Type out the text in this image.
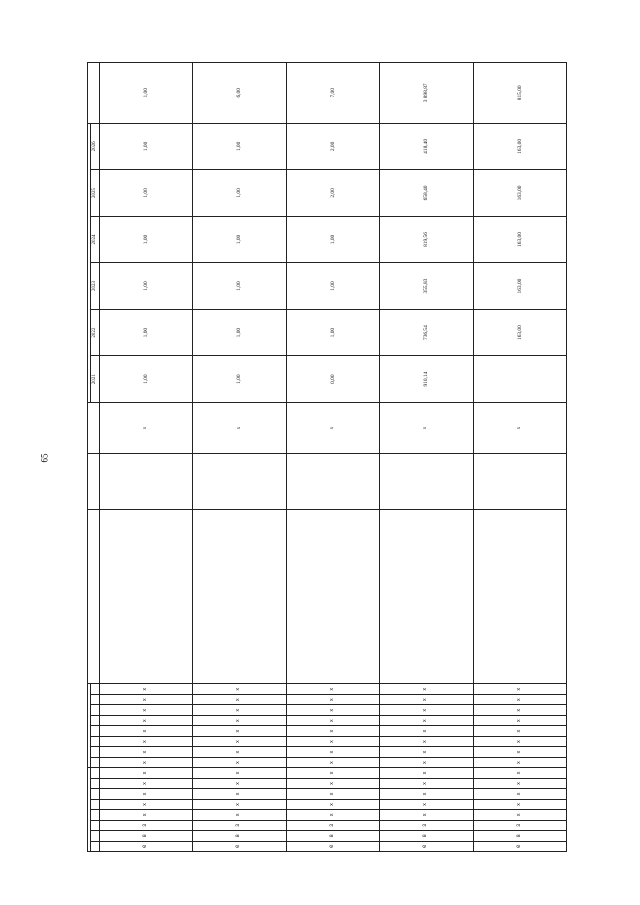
65

																			2021	2022	2023	2024	2025	2026	
0	8	3	x	x	x	x	x	x	x	x	x	x	x	x	x			x	1,00	1,00	1,00	1,00	1,00	1,00	1,00
0	8	3	x	x	x	x	x	x	x	x	x	x	x	x	x			x	1,00	1,00	1,00	1,00	1,00	1,00	6,00
0	8	3	x	x	x	x	x	x	x	x	x	x	x	x	x			x	0,00	1,00	1,00	1,00	2,00	2,00	7,00
0	8	3	x	x	x	x	x	x	x	x	x	x	x	x	x			x	910,14	736,54	355,83	819,56	658,40	418,40	3 898,87
0	8	3	x	x	x	x	x	x	x	x	x	x	x	x	x			x		163,00	163,00	163,00	163,00	163,00	815,00
